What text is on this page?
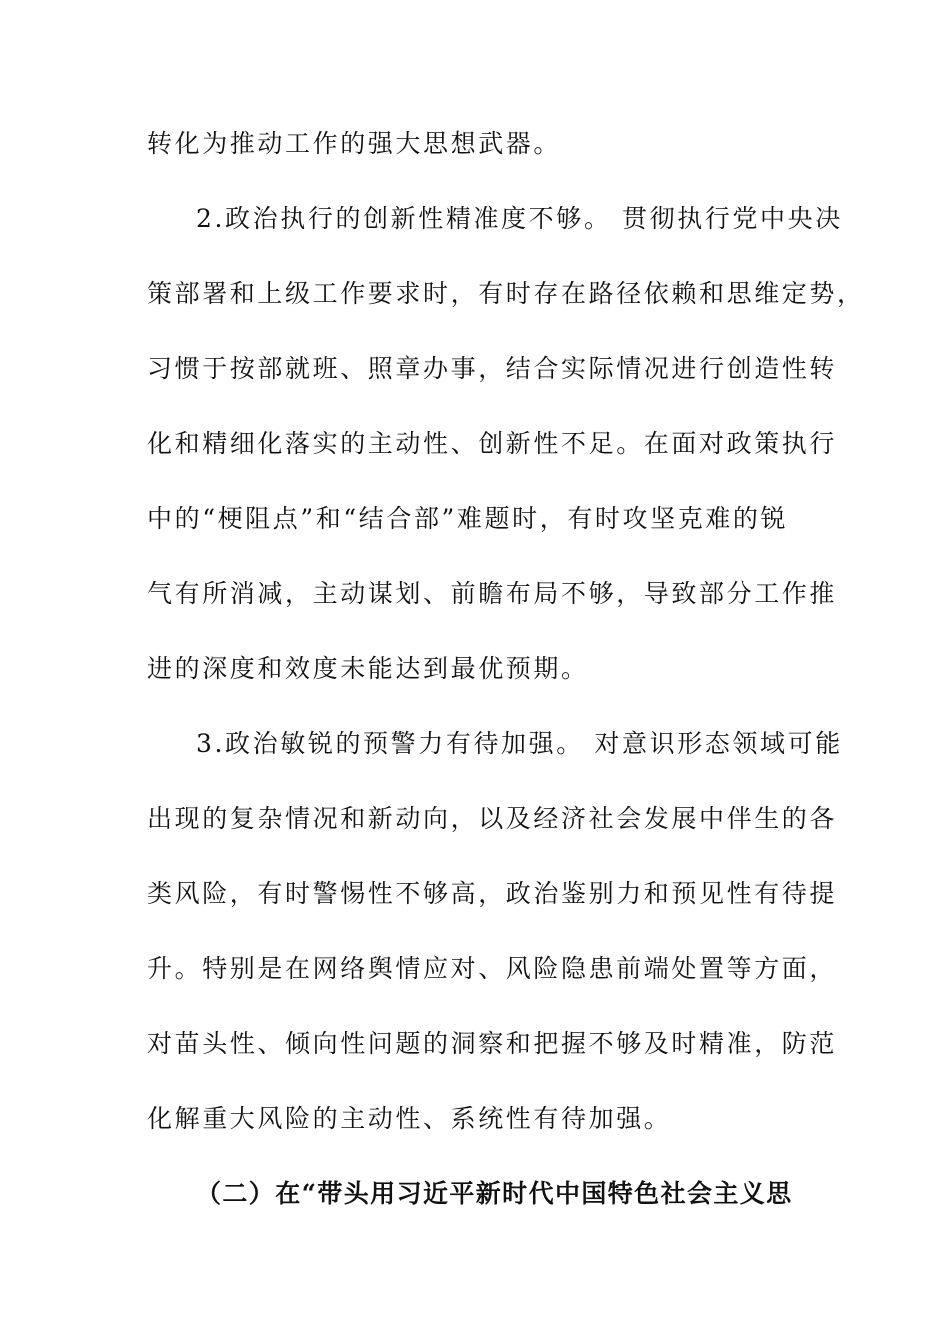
转化为推动工作的强大思想武器。
2.政治执行的创新性精准度不够。 贯彻执行党中央决
策部署和上级工作要求时，有时存在路径依赖和思维定势，
习惯于按部就班、照章办事，结合实际情况进行创造性转
化和精细化落实的主动性、创新性不足。在面对政策执行
中的“梗阻点”和“结合部”难题时，有时攻坚克难的锐
气有所消减，主动谋划、前瞻布局不够，导致部分工作推
进的深度和效度未能达到最优预期。
3.政治敏锐的预警力有待加强。 对意识形态领域可能
出现的复杂情况和新动向，以及经济社会发展中伴生的各
类风险，有时警惕性不够高，政治鉴别力和预见性有待提
升。特别是在网络舆情应对、风险隐患前端处置等方面，
对苗头性、倾向性问题的洞察和把握不够及时精准，防范
化解重大风险的主动性、系统性有待加强。
（二）在“带头用习近平新时代中国特色社会主义思
